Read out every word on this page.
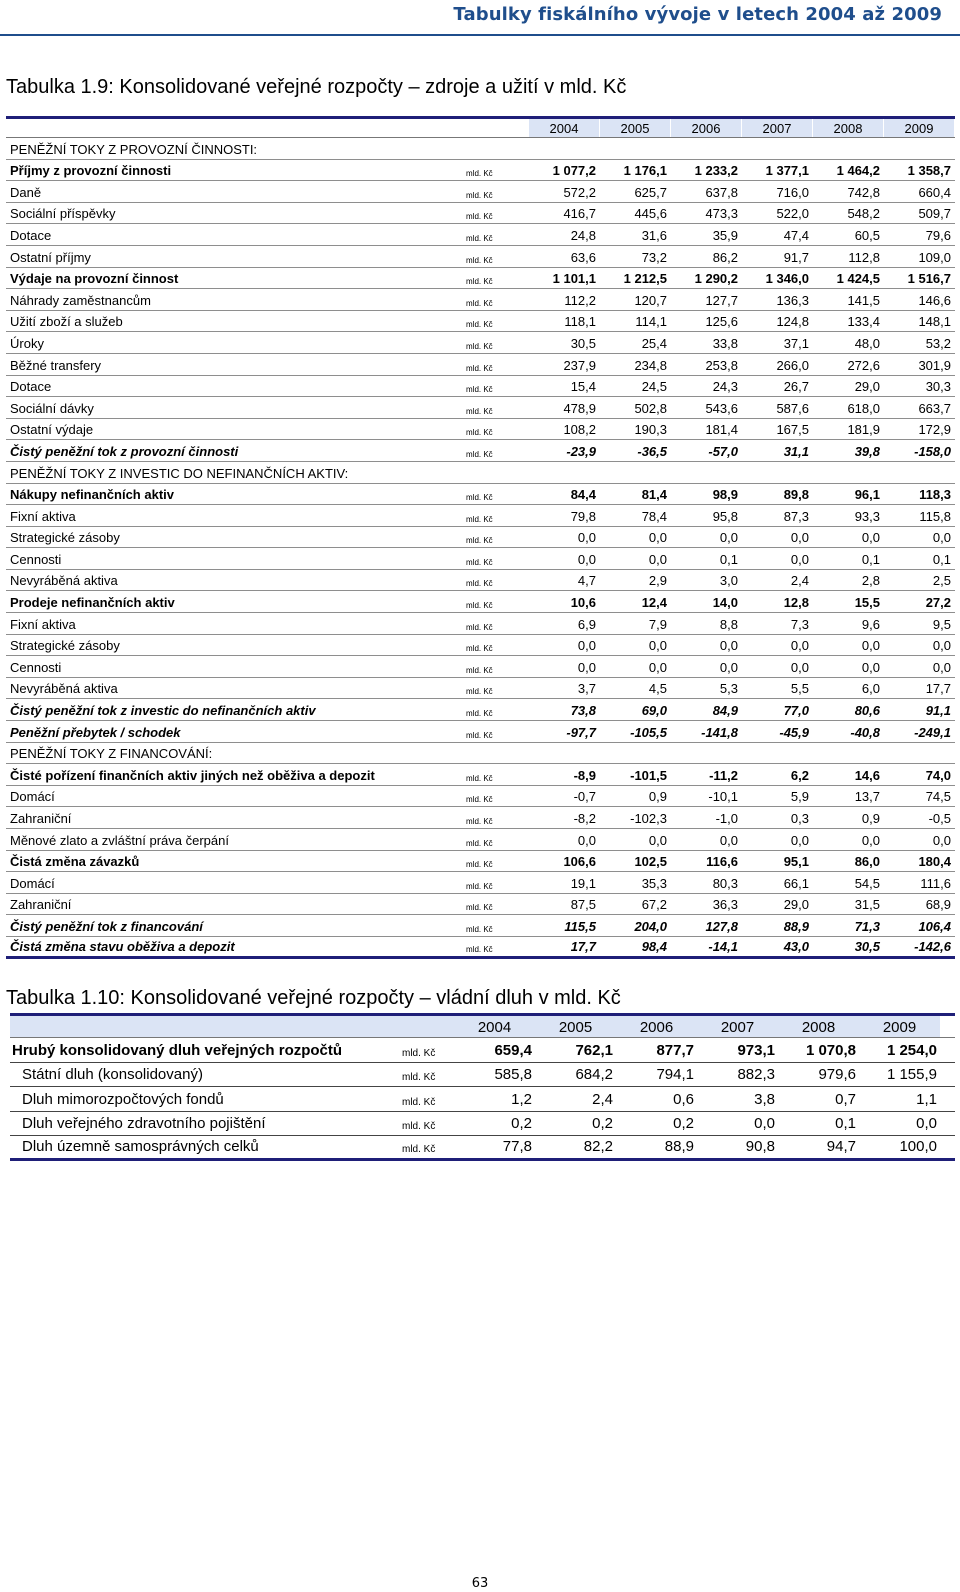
Tabulky fiskálního vývoje v letech 2004 až 2009
Tabulka 1.9: Konsolidované veřejné rozpočty – zdroje a užití v mld. Kč
2004	2005	2006	2007	2008	2009
PENĚŽNÍ TOKY Z PROVOZNÍ ČINNOSTI:
Příjmy z provozní činnosti	mld. Kč	1 077,2	1 176,1	1 233,2	1 377,1	1 464,2	1 358,7
Daně	mld. Kč	572,2	625,7	637,8	716,0	742,8	660,4
Sociální příspěvky	mld. Kč	416,7	445,6	473,3	522,0	548,2	509,7
Dotace	mld. Kč	24,8	31,6	35,9	47,4	60,5	79,6
Ostatní příjmy	mld. Kč	63,6	73,2	86,2	91,7	112,8	109,0
Výdaje na provozní činnost	mld. Kč	1 101,1	1 212,5	1 290,2	1 346,0	1 424,5	1 516,7
Náhrady zaměstnancům	mld. Kč	112,2	120,7	127,7	136,3	141,5	146,6
Užití zboží a služeb	mld. Kč	118,1	114,1	125,6	124,8	133,4	148,1
Úroky	mld. Kč	30,5	25,4	33,8	37,1	48,0	53,2
Běžné transfery	mld. Kč	237,9	234,8	253,8	266,0	272,6	301,9
Dotace	mld. Kč	15,4	24,5	24,3	26,7	29,0	30,3
Sociální dávky	mld. Kč	478,9	502,8	543,6	587,6	618,0	663,7
Ostatní výdaje	mld. Kč	108,2	190,3	181,4	167,5	181,9	172,9
Čistý peněžní tok z provozní činnosti	mld. Kč	-23,9	-36,5	-57,0	31,1	39,8	-158,0
PENĚŽNÍ TOKY Z INVESTIC DO NEFINANČNÍCH AKTIV:
Nákupy nefinančních aktiv	mld. Kč	84,4	81,4	98,9	89,8	96,1	118,3
Fixní aktiva	mld. Kč	79,8	78,4	95,8	87,3	93,3	115,8
Strategické zásoby	mld. Kč	0,0	0,0	0,0	0,0	0,0	0,0
Cennosti	mld. Kč	0,0	0,0	0,1	0,0	0,1	0,1
Nevyráběná aktiva	mld. Kč	4,7	2,9	3,0	2,4	2,8	2,5
Prodeje nefinančních aktiv	mld. Kč	10,6	12,4	14,0	12,8	15,5	27,2
Fixní aktiva	mld. Kč	6,9	7,9	8,8	7,3	9,6	9,5
Strategické zásoby	mld. Kč	0,0	0,0	0,0	0,0	0,0	0,0
Cennosti	mld. Kč	0,0	0,0	0,0	0,0	0,0	0,0
Nevyráběná aktiva	mld. Kč	3,7	4,5	5,3	5,5	6,0	17,7
Čistý peněžní tok z investic do nefinančních aktiv	mld. Kč	73,8	69,0	84,9	77,0	80,6	91,1
Peněžní přebytek / schodek	mld. Kč	-97,7	-105,5	-141,8	-45,9	-40,8	-249,1
PENĚŽNÍ TOKY Z FINANCOVÁNÍ:
Čisté pořízení finančních aktiv jiných než oběživa a depozit	mld. Kč	-8,9	-101,5	-11,2	6,2	14,6	74,0
Domácí	mld. Kč	-0,7	0,9	-10,1	5,9	13,7	74,5
Zahraniční	mld. Kč	-8,2	-102,3	-1,0	0,3	0,9	-0,5
Měnové zlato a zvláštní práva čerpání	mld. Kč	0,0	0,0	0,0	0,0	0,0	0,0
Čistá změna závazků	mld. Kč	106,6	102,5	116,6	95,1	86,0	180,4
Domácí	mld. Kč	19,1	35,3	80,3	66,1	54,5	111,6
Zahraniční	mld. Kč	87,5	67,2	36,3	29,0	31,5	68,9
Čistý peněžní tok z financování	mld. Kč	115,5	204,0	127,8	88,9	71,3	106,4
Čistá změna stavu oběživa a depozit	mld. Kč	17,7	98,4	-14,1	43,0	30,5	-142,6
Tabulka 1.10: Konsolidované veřejné rozpočty – vládní dluh v mld. Kč
2004	2005	2006	2007	2008	2009
Hrubý konsolidovaný dluh veřejných rozpočtů	mld. Kč	659,4	762,1	877,7	973,1	1 070,8	1 254,0
Státní dluh (konsolidovaný)	mld. Kč	585,8	684,2	794,1	882,3	979,6	1 155,9
Dluh mimorozpočtových fondů	mld. Kč	1,2	2,4	0,6	3,8	0,7	1,1
Dluh veřejného zdravotního pojištění	mld. Kč	0,2	0,2	0,2	0,0	0,1	0,0
Dluh územně samosprávných celků	mld. Kč	77,8	82,2	88,9	90,8	94,7	100,0
63
